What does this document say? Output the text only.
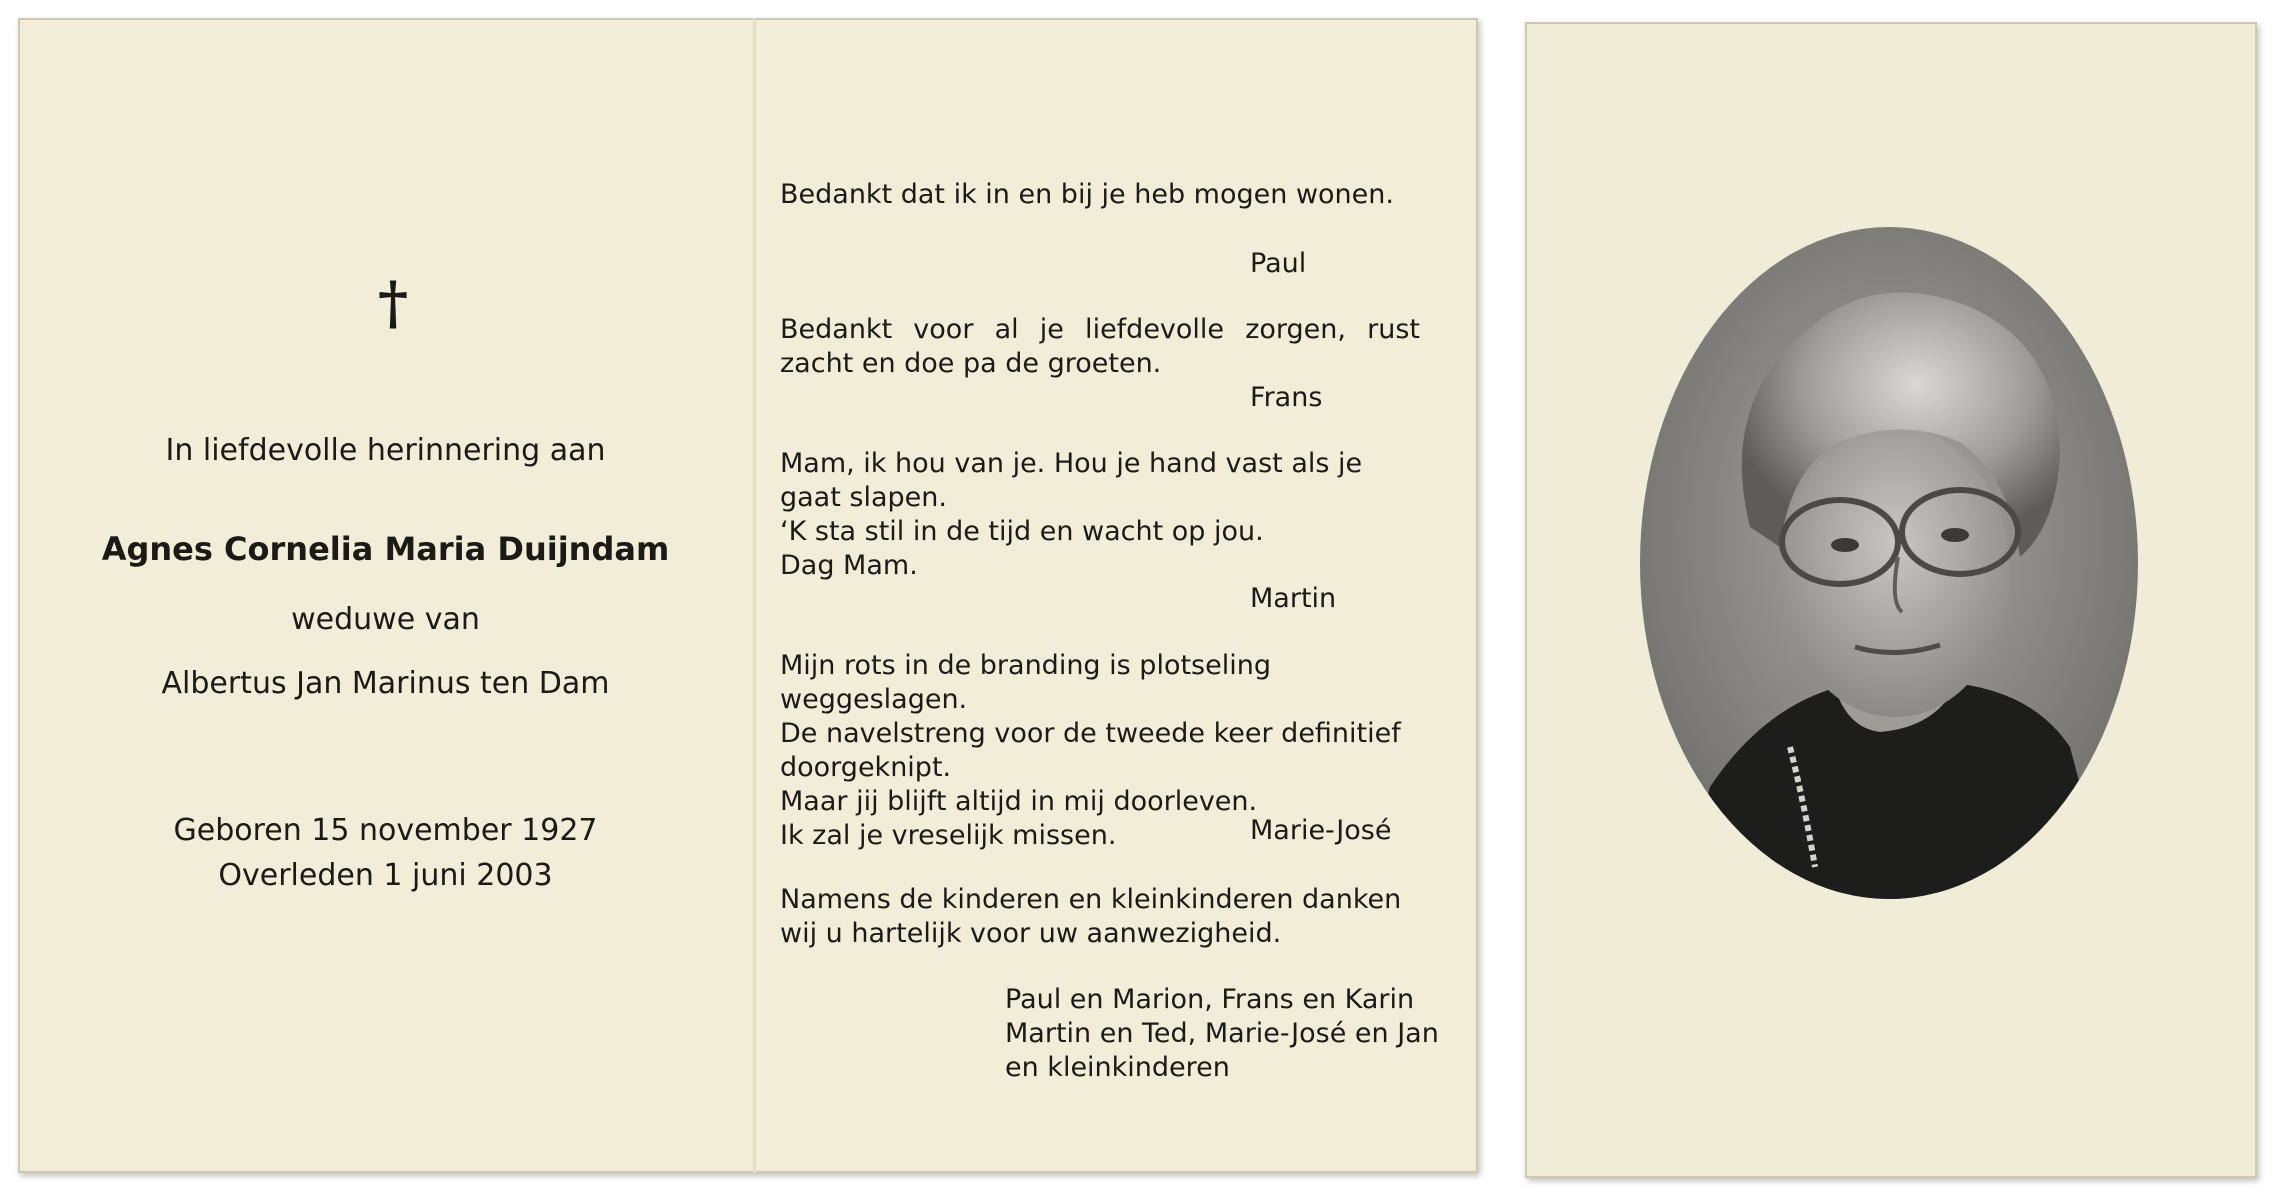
†
In liefdevolle herinnering aan
Agnes Cornelia Maria Duijndam
weduwe van
Albertus Jan Marinus ten Dam
Geboren 15 november 1927
Overleden 1 juni 2003

Bedankt dat ik in en bij je heb mogen wonen.

Paul

Bedankt voor al je liefdevolle zorgen, rust zacht en doe pa de groeten.

Frans

Mam, ik hou van je. Hou je hand vast als je gaat slapen.

‘K sta stil in de tijd en wacht op jou.

Dag Mam.

Martin

Mijn rots in de branding is plotseling weggeslagen.

De navelstreng voor de tweede keer definitief doorgeknipt.

Maar jij blijft altijd in mij doorleven.

Ik zal je vreselijk missen.	Marie-José
Namens de kinderen en kleinkinderen danken wij u hartelijk voor uw aanwezigheid.

Paul en Marion, Frans en Karin

Martin en Ted, Marie-José en Jan

en kleinkinderen
